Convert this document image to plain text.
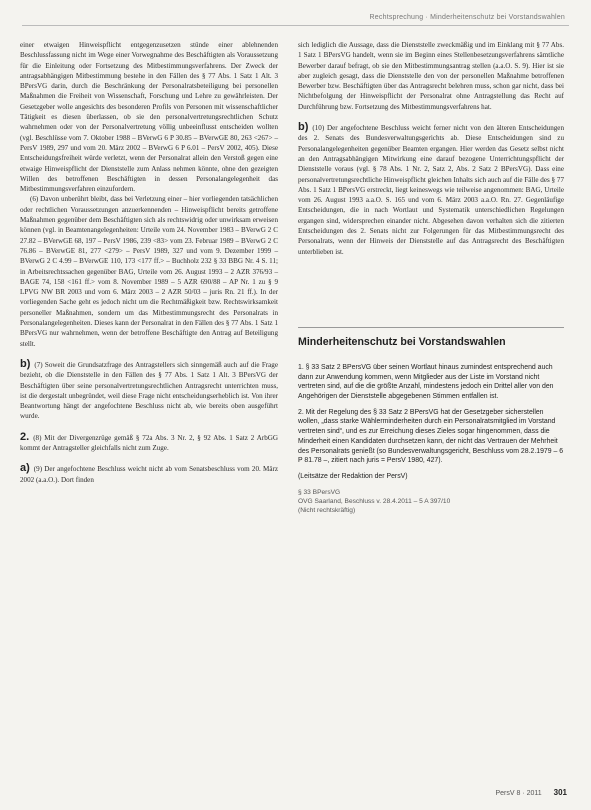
Rechtsprechung · Minderheitenschutz bei Vorstandswahlen

einer etwaigen Hinweispflicht entgegenzusetzen stünde einer ablehnenden Beschlussfassung nicht im Wege einer Vorwegnahme des Beschäftigten als Voraussetzung für die Einleitung oder Fortsetzung des Mitbestimmungsverfahrens. Der Zweck der antragsabhängigen Mitbestimmung bestehe in den Fällen des § 77 Abs. 1 Satz 1 Alt. 3 BPersVG darin, durch die Beschränkung der Personalratsbeteiligung bei personellen Maßnahmen die Freiheit von Wissenschaft, Forschung und Lehre zu gewährleisten. Der Gesetzgeber wolle angesichts des besonderen Profils von Personen mit wissenschaftlicher Tätigkeit es diesen überlassen, ob sie den personalvertretungsrechtlichen Schutz wahrnehmen oder von der Personalvertretung völlig unbeeinflusst entscheiden wollten (vgl. Beschlüsse vom 7. Oktober 1988 – BVerwG 6 P 30.85 – BVerwGE 80, 263 <267> – PersV 1989, 297 und vom 20. März 2002 – BVerwG 6 P 6.01 – PersV 2002, 405). Diese Entscheidungsfreiheit würde verletzt, wenn der Personalrat allein den Verstoß gegen eine etwaige Hinweispflicht der Dienststelle zum Anlass nehmen könnte, ohne den gezeigten Willen des betroffenen Beschäftigten in dessen Personalangelegenheit das Mitbestimmungsverfahren einzufordern.

(6) Davon unberührt bleibt, dass bei Verletzung einer – hier vorliegenden tatsächlichen oder rechtlichen Voraussetzungen anzuerkennenden – Hinweispflicht bereits getroffene Maßnahmen gegenüber dem Beschäftigten sich als rechtswidrig oder unwirksam erweisen können (vgl. in Beamtenangelegenheiten: Urteile vom 24. November 1983 – BVerwG 2 C 27.82 – BVerwGE 68, 197 – PersV 1986, 239 <83> vom 23. Februar 1989 – BVerwG 2 C 76.86 – BVerwGE 81, 277 <279> – PersV 1989, 327 und vom 9. Dezember 1999 – BVerwG 2 C 4.99 – BVerwGE 110, 173 <177 ff.> – Buchholz 232 § 33 BBG Nr. 4 S. 11; in Arbeitsrechtssachen gegenüber BAG, Urteile vom 26. August 1993 – 2 AZR 376/93 – BAGE 74, 158 <161 ff.> vom 8. November 1989 – 5 AZR 690/88 – AP Nr. 1 zu § 9 LPVG NW BR 2003 und vom 6. März 2003 – 2 AZR 50/03 – juris Rn. 21 ff.). In der vorliegenden Sache geht es jedoch nicht um die Rechtmäßigkeit bzw. Rechtswirksamkeit personeller Maßnahmen, sondern um das Mitbestimmungsrecht des Personalrats in Personalangelegenheiten. Dieses kann der Personalrat in den Fällen des § 77 Abs. 1 Satz 1 BPersVG nur wahrnehmen, wenn der betroffene Beschäftigte den Antrag auf Beteiligung stellt.

b) (7) Soweit die Grundsatzfrage des Antragstellers sich sinngemäß auch auf die Frage bezieht, ob die Dienststelle in den Fällen des § 77 Abs. 1 Satz 1 Alt. 3 BPersVG der Beschäftigten über seine personalvertretungsrechtlichen Antragsrecht unterrichten muss, ist die dergestalt unbegründet, weil diese Frage nicht entscheidungserheblich ist. Von ihrer Beantwortung hängt der angefochtene Beschluss nicht ab, wie bereits oben ausgeführt wurde.

2. (8) Mit der Divergenzrüge gemäß § 72a Abs. 3 Nr. 2, § 92 Abs. 1 Satz 2 ArbGG kommt der Antragsteller gleichfalls nicht zum Zuge.

a) (9) Der angefochtene Beschluss weicht nicht ab vom Senatsbeschluss vom 20. März 2002 (a.a.O.). Dort finden

sich lediglich die Aussage, dass die Dienststelle zweckmäßig und im Einklang mit § 77 Abs. 1 Satz 1 BPersVG handelt, wenn sie im Beginn eines Stellenbesetzungsverfahrens sämtliche Bewerber darauf befragt, ob sie den Mitbestimmungsantrag stellen (a.a.O. S. 9). Hier ist sie aber zugleich gesagt, dass die Dienststelle den von der personellen Maßnahme betroffenen Bewerber bzw. Beschäftigten über das Antragsrecht belehren muss, schon gar nicht, dass bei Nichtbefolgung der Hinweispflicht der Personalrat ohne Antragstellung das Recht auf Durchführung bzw. Fortsetzung des Mitbestimmungsverfahrens hat.

b) (10) Der angefochtene Beschluss weicht ferner nicht von den älteren Entscheidungen des 2. Senats des Bundesverwaltungsgerichts ab. Diese Entscheidungen sind zu Personalangelegenheiten gegenüber Beamten ergangen. Hier werden das Gesetz selbst nicht an den Antragsabhängigen Mitwirkung eine darauf bezogene Unterrichtungspflicht der Dienststelle voraus (vgl. § 78 Abs. 1 Nr. 2, Satz 2, Abs. 2 Satz 2 BPersVG). Dass eine personalvertretungsrechtliche Hinweispflicht gleichen Inhalts sich auch auf die Fälle des § 77 Abs. 1 Satz 1 BPersVG erstreckt, liegt keineswegs wie teilweise angenommen: BAG, Urteile vom 26. August 1993 a.a.O. S. 165 und vom 6. März 2003 a.a.O. Rn. 27. Gegenläufige Entscheidungen, die in nach Wortlaut und Systematik unterschiedlichen Regelungen ergangen sind, widersprechen einander nicht. Abgesehen davon verhalten sich die zitierten Entscheidungen des 2. Senats nicht zur Folgerungen für das Mitbestimmungsrecht des Personalrats, wenn der Hinweis der Dienststelle auf das Antragsrecht des Beschäftigten unterblieben ist.

Minderheitenschutz bei Vorstandswahlen

1. § 33 Satz 2 BPersVG über seinen Wortlaut hinaus zumindest entsprechend auch dann zur Anwendung kommen, wenn Mitglieder aus der Liste im Vorstand nicht vertreten sind, auf die die größte Anzahl, mindestens jedoch ein Drittel aller von den Angehörigen der Dienststelle abgegebenen Stimmen entfallen ist.

2. Mit der Regelung des § 33 Satz 2 BPersVG hat der Gesetzgeber sicherstellen wollen, „dass starke Wählerminderheiten durch ein Personalratsmitglied im Vorstand vertreten sind“, und es zur Erreichung dieses Zieles sogar hingenommen, dass die Minderheit einen Kandidaten durchsetzen kann, der nicht das Vertrauen der Mehrheit des Personalrats genießt (so Bundesverwaltungsgericht, Beschluss vom 28.2.1979 – 6 P 81.78 –, zitiert nach juris = PersV 1980, 427).

(Leitsätze der Redaktion der PersV)

§ 33 BPersVG
OVG Saarland, Beschluss v. 28.4.2011 – 5 A 397/10
(Nicht rechtskräftig)
PersV 8 · 2011 301
